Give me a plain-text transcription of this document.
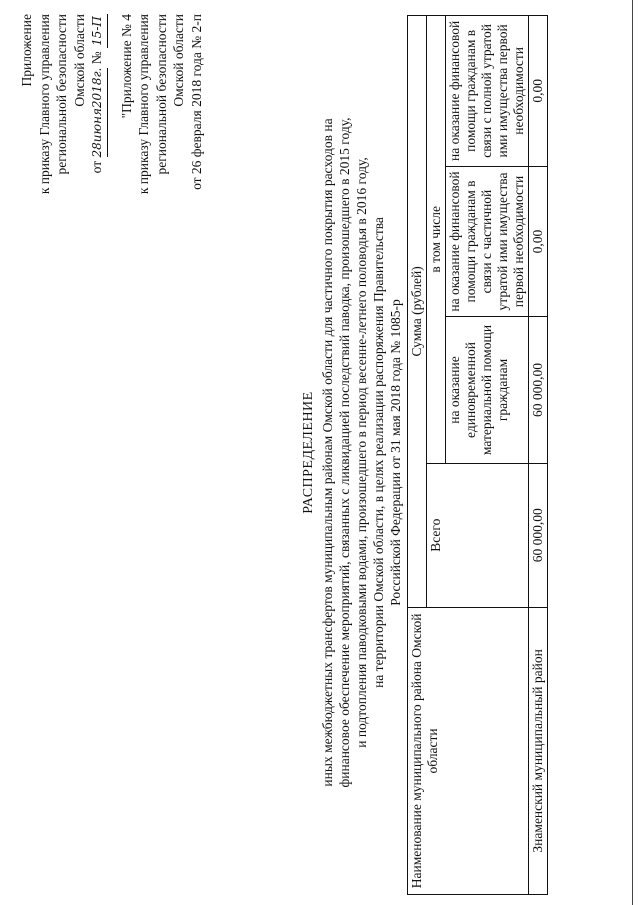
Приложение к приказу Главного управления региональной безопасности Омской области
от 28июня2018г. № 15-П "Приложение № 4 к приказу Главного управления региональной безопасности Омской области от 26 февраля 2018 года № 2-п
РАСПРЕДЕЛЕНИЕ иных межбюджетных трансфертов муниципальным районам Омской области для частичного покрытия расходов на финансовое обеспечение мероприятий, связанных с ликвидацией последствий паводка, произошедшего в 2015 году, и подтопления паводковыми водами, произошедшего в период весенне-летнего половодья в 2016 году, на территории Омской области, в целях реализации распоряжения Правительства Российской Федерации от 31 мая 2018 года № 1085-р
Наименование муниципального района Омской области	Сумма (рублей)			
	Всего	в том числе		
		на оказание единовременной материальной помощи гражданам	на оказание финансовой помощи гражданам в связи с частичной утратой ими имущества первой необходимости	на оказание финансовой помощи гражданам в связи с полной утратой ими имущества первой необходимости
Знаменский муниципальный район	60 000,00	60 000,00	0,00	0,00
